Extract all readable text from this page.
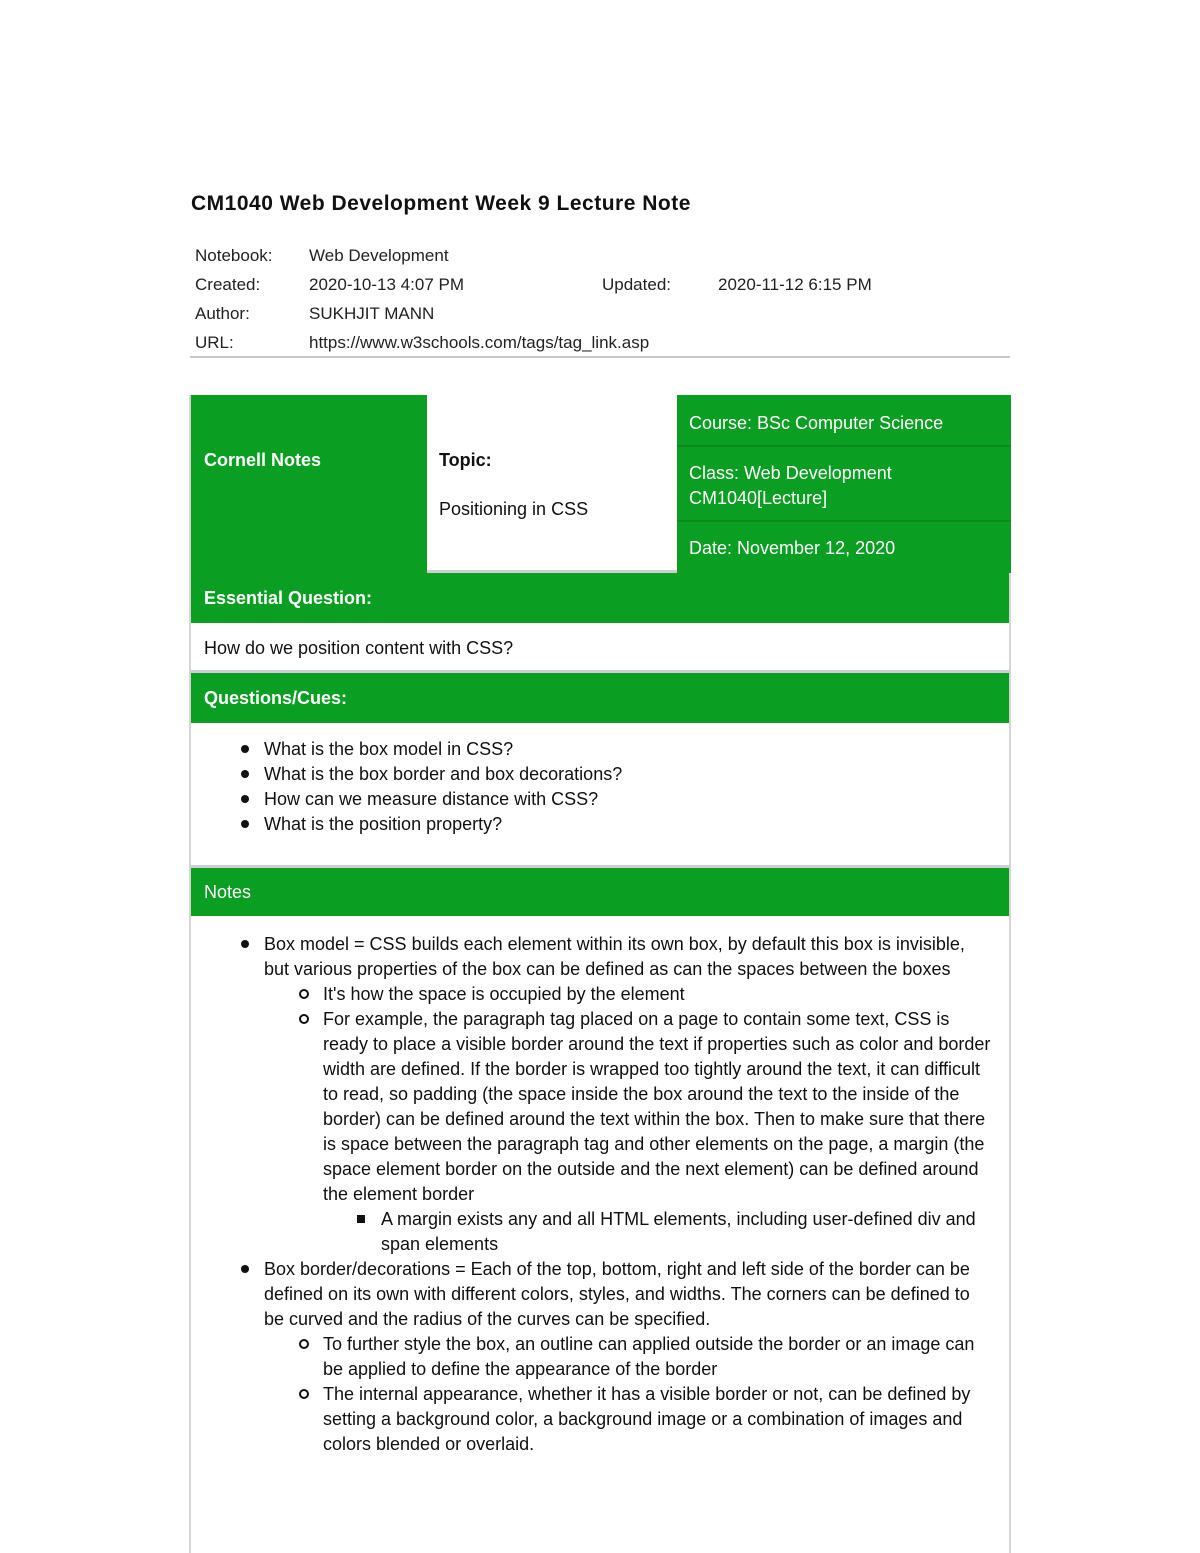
CM1040 Web Development Week 9 Lecture Note
Notebook: Web Development
Created:	2020-10-13 4:07 PM	Updated:	2020-11-12 6:15 PM
Author:	SUKHJIT MANN
URL:	https://www.w3schools.com/tags/tag_link.asp
Cornell Notes	Topic:
Positioning in CSS
Course: BSc Computer Science
Class: Web Development
CM1040[Lecture]
Date: November 12, 2020
Essential Question:
How do we position content with CSS?
Questions/Cues:
What is the box model in CSS?
What is the box border and box decorations?
How can we measure distance with CSS?
What is the position property?
Notes
Box model = CSS builds each element within its own box, by default this box is invisible, but various properties of the box can be defined as can the spaces between the boxes
It's how the space is occupied by the element
For example, the paragraph tag placed on a page to contain some text, CSS is ready to place a visible border around the text if properties such as color and border width are defined. If the border is wrapped too tightly around the text, it can difficult to read, so padding (the space inside the box around the text to the inside of the border) can be defined around the text within the box. Then to make sure that there is space between the paragraph tag and other elements on the page, a margin (the space element border on the outside and the next element) can be defined around the element border
A margin exists any and all HTML elements, including user-defined div and span elements
Box border/decorations = Each of the top, bottom, right and left side of the border can be defined on its own with different colors, styles, and widths. The corners can be defined to be curved and the radius of the curves can be specified.
To further style the box, an outline can applied outside the border or an image can be applied to define the appearance of the border
The internal appearance, whether it has a visible border or not, can be defined by setting a background color, a background image or a combination of images and colors blended or overlaid.
